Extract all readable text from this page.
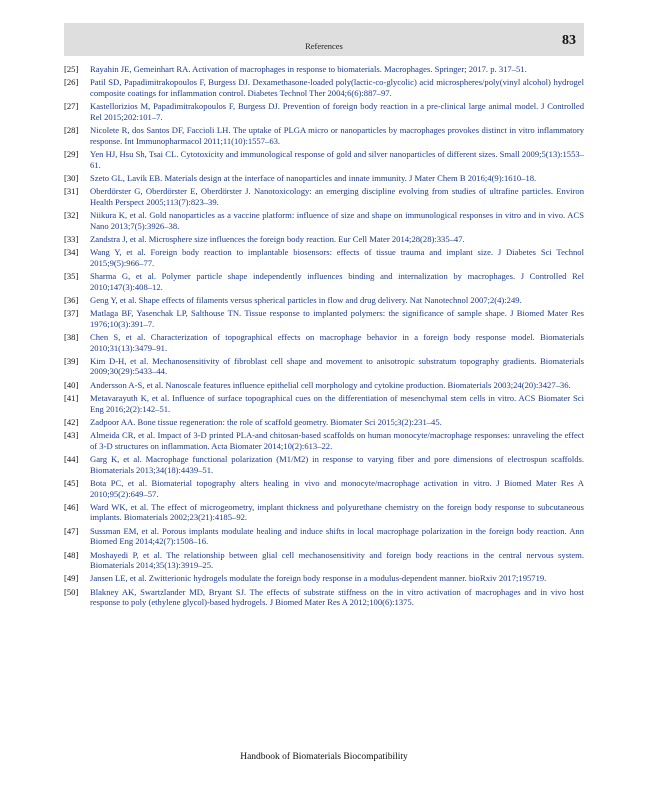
References	83
[25]	Rayahin JE, Gemeinhart RA. Activation of macrophages in response to biomaterials. Macrophages. Springer; 2017. p. 317–51.
[26]	Patil SD, Papadimitrakopoulos F, Burgess DJ. Dexamethasone-loaded poly(lactic-co-glycolic) acid microspheres/poly(vinyl alcohol) hydrogel composite coatings for inflammation control. Diabetes Technol Ther 2004;6(6):887–97.
[27]	Kastellorizios M, Papadimitrakopoulos F, Burgess DJ. Prevention of foreign body reaction in a pre-clinical large animal model. J Controlled Rel 2015;202:101–7.
[28]	Nicolete R, dos Santos DF, Faccioli LH. The uptake of PLGA micro or nanoparticles by macrophages provokes distinct in vitro inflammatory response. Int Immunopharmacol 2011;11(10):1557–63.
[29]	Yen HJ, Hsu Sh, Tsai CL. Cytotoxicity and immunological response of gold and silver nanoparticles of different sizes. Small 2009;5(13):1553–61.
[30]	Szeto GL, Lavik EB. Materials design at the interface of nanoparticles and innate immunity. J Mater Chem B 2016;4(9):1610–18.
[31]	Oberdörster G, Oberdörster E, Oberdörster J. Nanotoxicology: an emerging discipline evolving from studies of ultrafine particles. Environ Health Perspect 2005;113(7):823–39.
[32]	Niikura K, et al. Gold nanoparticles as a vaccine platform: influence of size and shape on immunological responses in vitro and in vivo. ACS Nano 2013;7(5):3926–38.
[33]	Zandstra J, et al. Microsphere size influences the foreign body reaction. Eur Cell Mater 2014;28(28):335–47.
[34]	Wang Y, et al. Foreign body reaction to implantable biosensors: effects of tissue trauma and implant size. J Diabetes Sci Technol 2015;9(5):966–77.
[35]	Sharma G, et al. Polymer particle shape independently influences binding and internalization by macrophages. J Controlled Rel 2010;147(3):408–12.
[36]	Geng Y, et al. Shape effects of filaments versus spherical particles in flow and drug delivery. Nat Nanotechnol 2007;2(4):249.
[37]	Matlaga BF, Yasenchak LP, Salthouse TN. Tissue response to implanted polymers: the significance of sample shape. J Biomed Mater Res 1976;10(3):391–7.
[38]	Chen S, et al. Characterization of topographical effects on macrophage behavior in a foreign body response model. Biomaterials 2010;31(13):3479–91.
[39]	Kim D-H, et al. Mechanosensitivity of fibroblast cell shape and movement to anisotropic substratum topography gradients. Biomaterials 2009;30(29):5433–44.
[40]	Andersson A-S, et al. Nanoscale features influence epithelial cell morphology and cytokine production. Biomaterials 2003;24(20):3427–36.
[41]	Metavarayuth K, et al. Influence of surface topographical cues on the differentiation of mesenchymal stem cells in vitro. ACS Biomater Sci Eng 2016;2(2):142–51.
[42]	Zadpoor AA. Bone tissue regeneration: the role of scaffold geometry. Biomater Sci 2015;3(2):231–45.
[43]	Almeida CR, et al. Impact of 3-D printed PLA-and chitosan-based scaffolds on human monocyte/macrophage responses: unraveling the effect of 3-D structures on inflammation. Acta Biomater 2014;10(2):613–22.
[44]	Garg K, et al. Macrophage functional polarization (M1/M2) in response to varying fiber and pore dimensions of electrospun scaffolds. Biomaterials 2013;34(18):4439–51.
[45]	Bota PC, et al. Biomaterial topography alters healing in vivo and monocyte/macrophage activation in vitro. J Biomed Mater Res A 2010;95(2):649–57.
[46]	Ward WK, et al. The effect of microgeometry, implant thickness and polyurethane chemistry on the foreign body response to subcutaneous implants. Biomaterials 2002;23(21):4185–92.
[47]	Sussman EM, et al. Porous implants modulate healing and induce shifts in local macrophage polarization in the foreign body reaction. Ann Biomed Eng 2014;42(7):1508–16.
[48]	Moshayedi P, et al. The relationship between glial cell mechanosensitivity and foreign body reactions in the central nervous system. Biomaterials 2014;35(13):3919–25.
[49]	Jansen LE, et al. Zwitterionic hydrogels modulate the foreign body response in a modulus-dependent manner. bioRxiv 2017;195719.
[50]	Blakney AK, Swartzlander MD, Bryant SJ. The effects of substrate stiffness on the in vitro activation of macrophages and in vivo host response to poly (ethylene glycol)-based hydrogels. J Biomed Mater Res A 2012;100(6):1375.
Handbook of Biomaterials Biocompatibility
